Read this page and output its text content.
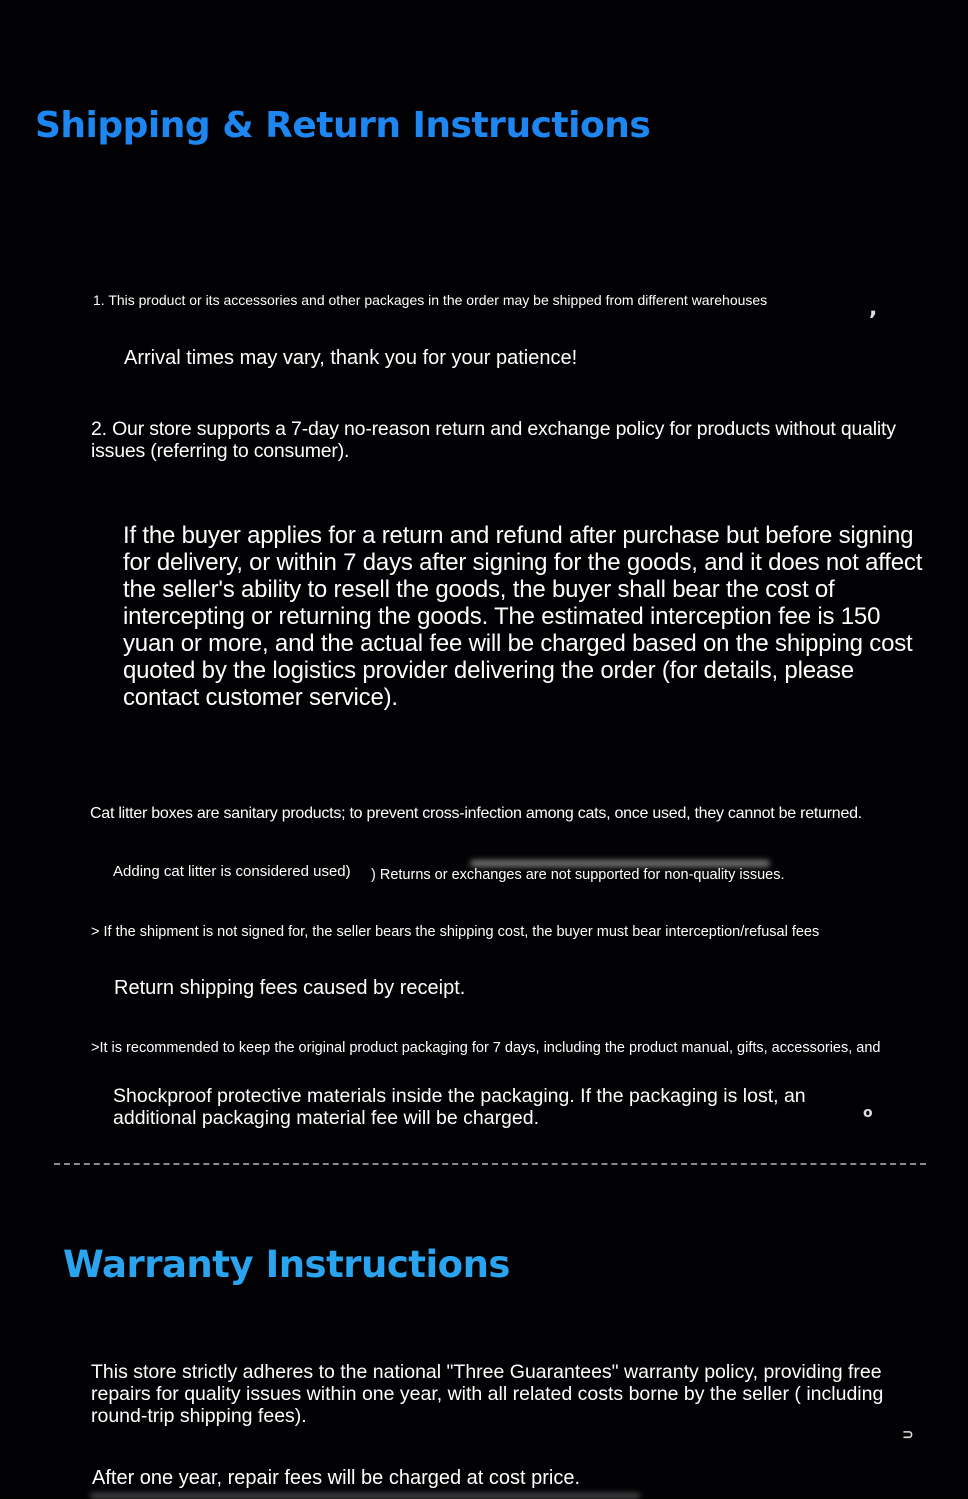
Shipping & Return Instructions

1. This product or its accessories and other packages in the order may be shipped from different warehouses	,

Arrival times may vary, thank you for your patience!

2. Our store supports a 7-day no-reason return and exchange policy for products without quality issues (referring to consumer).

If the buyer applies for a return and refund after purchase but before signing for delivery, or within 7 days after signing for the goods, and it does not affect the seller's ability to resell the goods, the buyer shall bear the cost of intercepting or returning the goods. The estimated interception fee is 150 yuan or more, and the actual fee will be charged based on the shipping cost quoted by the logistics provider delivering the order (for details, please contact customer service).

Cat litter boxes are sanitary products; to prevent cross-infection among cats, once used, they cannot be returned.

Adding cat litter is considered used) ) Returns or exchanges are not supported for non-quality issues.

> If the shipment is not signed for, the seller bears the shipping cost, the buyer must bear interception/refusal fees

Return shipping fees caused by receipt.

>It is recommended to keep the original product packaging for 7 days, including the product manual, gifts, accessories, and

Shockproof protective materials inside the packaging. If the packaging is lost, an additional packaging material fee will be charged.	o
Warranty Instructions

This store strictly adheres to the national "Three Guarantees" warranty policy, providing free repairs for quality issues within one year, with all related costs borne by the seller ( including round-trip shipping fees).

⊃

After one year, repair fees will be charged at cost price.
